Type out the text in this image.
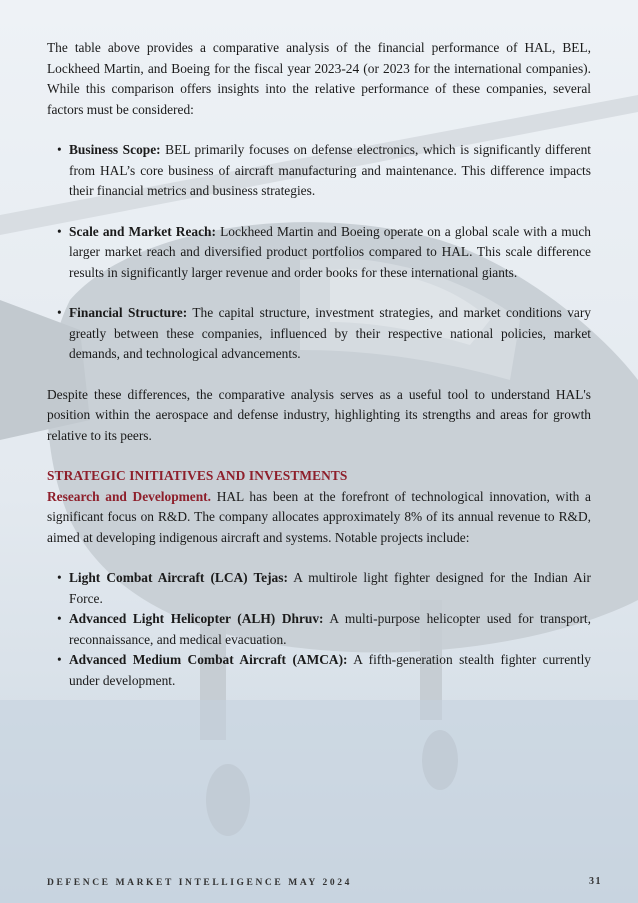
The table above provides a comparative analysis of the financial performance of HAL, BEL, Lockheed Martin, and Boeing for the fiscal year 2023-24 (or 2023 for the international companies). While this comparison offers insights into the relative performance of these companies, several factors must be considered:

• Business Scope: BEL primarily focuses on defense electronics, which is significantly different from HAL’s core business of aircraft manufacturing and maintenance. This difference impacts their financial metrics and business strategies.
• Scale and Market Reach: Lockheed Martin and Boeing operate on a global scale with a much larger market reach and diversified product portfolios compared to HAL. This scale difference results in significantly larger revenue and order books for these international giants.
• Financial Structure: The capital structure, investment strategies, and market conditions vary greatly between these companies, influenced by their respective national policies, market demands, and technological advancements.

Despite these differences, the comparative analysis serves as a useful tool to understand HAL's position within the aerospace and defense industry, highlighting its strengths and areas for growth relative to its peers.

STRATEGIC INITIATIVES AND INVESTMENTS

Research and Development. HAL has been at the forefront of technological innovation, with a significant focus on R&D. The company allocates approximately 8% of its annual revenue to R&D, aimed at developing indigenous aircraft and systems. Notable projects include:

• Light Combat Aircraft (LCA) Tejas: A multirole light fighter designed for the Indian Air Force.
• Advanced Light Helicopter (ALH) Dhruv: A multi-purpose helicopter used for transport, reconnaissance, and medical evacuation.
• Advanced Medium Combat Aircraft (AMCA): A fifth-generation stealth fighter currently under development.
DEFENCE MARKET INTELLIGENCE MAY 2024	31
